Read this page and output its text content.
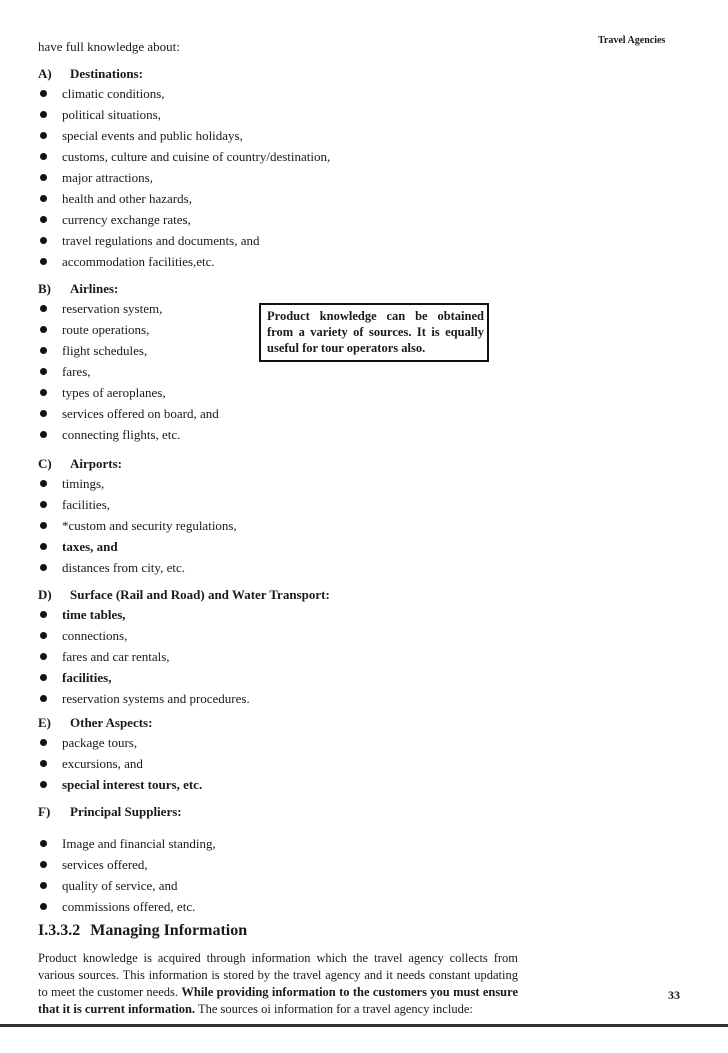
Travel Agencies
have full knowledge about:
A) Destinations:
climatic conditions,
political situations,
special events and public holidays,
customs, culture and cuisine of country/destination,
major attractions,
health and other hazards,
currency exchange rates,
travel regulations and documents, and
accommodation facilities,etc.
B) Airlines:
reservation system,
route operations,
flight schedules,
fares,
types of aeroplanes,
services offered on board, and
connecting flights, etc.
Product knowledge can be obtained from a variety of sources. It is equally useful for tour operators also.
C) Airports:
timings,
facilities,
*custom and security regulations,
taxes, and
distances from city, etc.
D) Surface (Rail and Road) and Water Transport:
time tables,
connections,
fares and car rentals,
facilities,
reservation systems and procedures.
E) Other Aspects:
package tours,
excursions, and
special interest tours, etc.
F) Principal Suppliers:
Image and financial standing,
services offered,
quality of service, and
commissions offered, etc.
I.3.3.2 Managing Information
Product knowledge is acquired through information which the travel agency collects from various sources. This information is stored by the travel agency and it needs constant updating to meet the customer needs. While providing information to the customers you must ensure that it is current information. The sources oi information for a travel agency include:
33
